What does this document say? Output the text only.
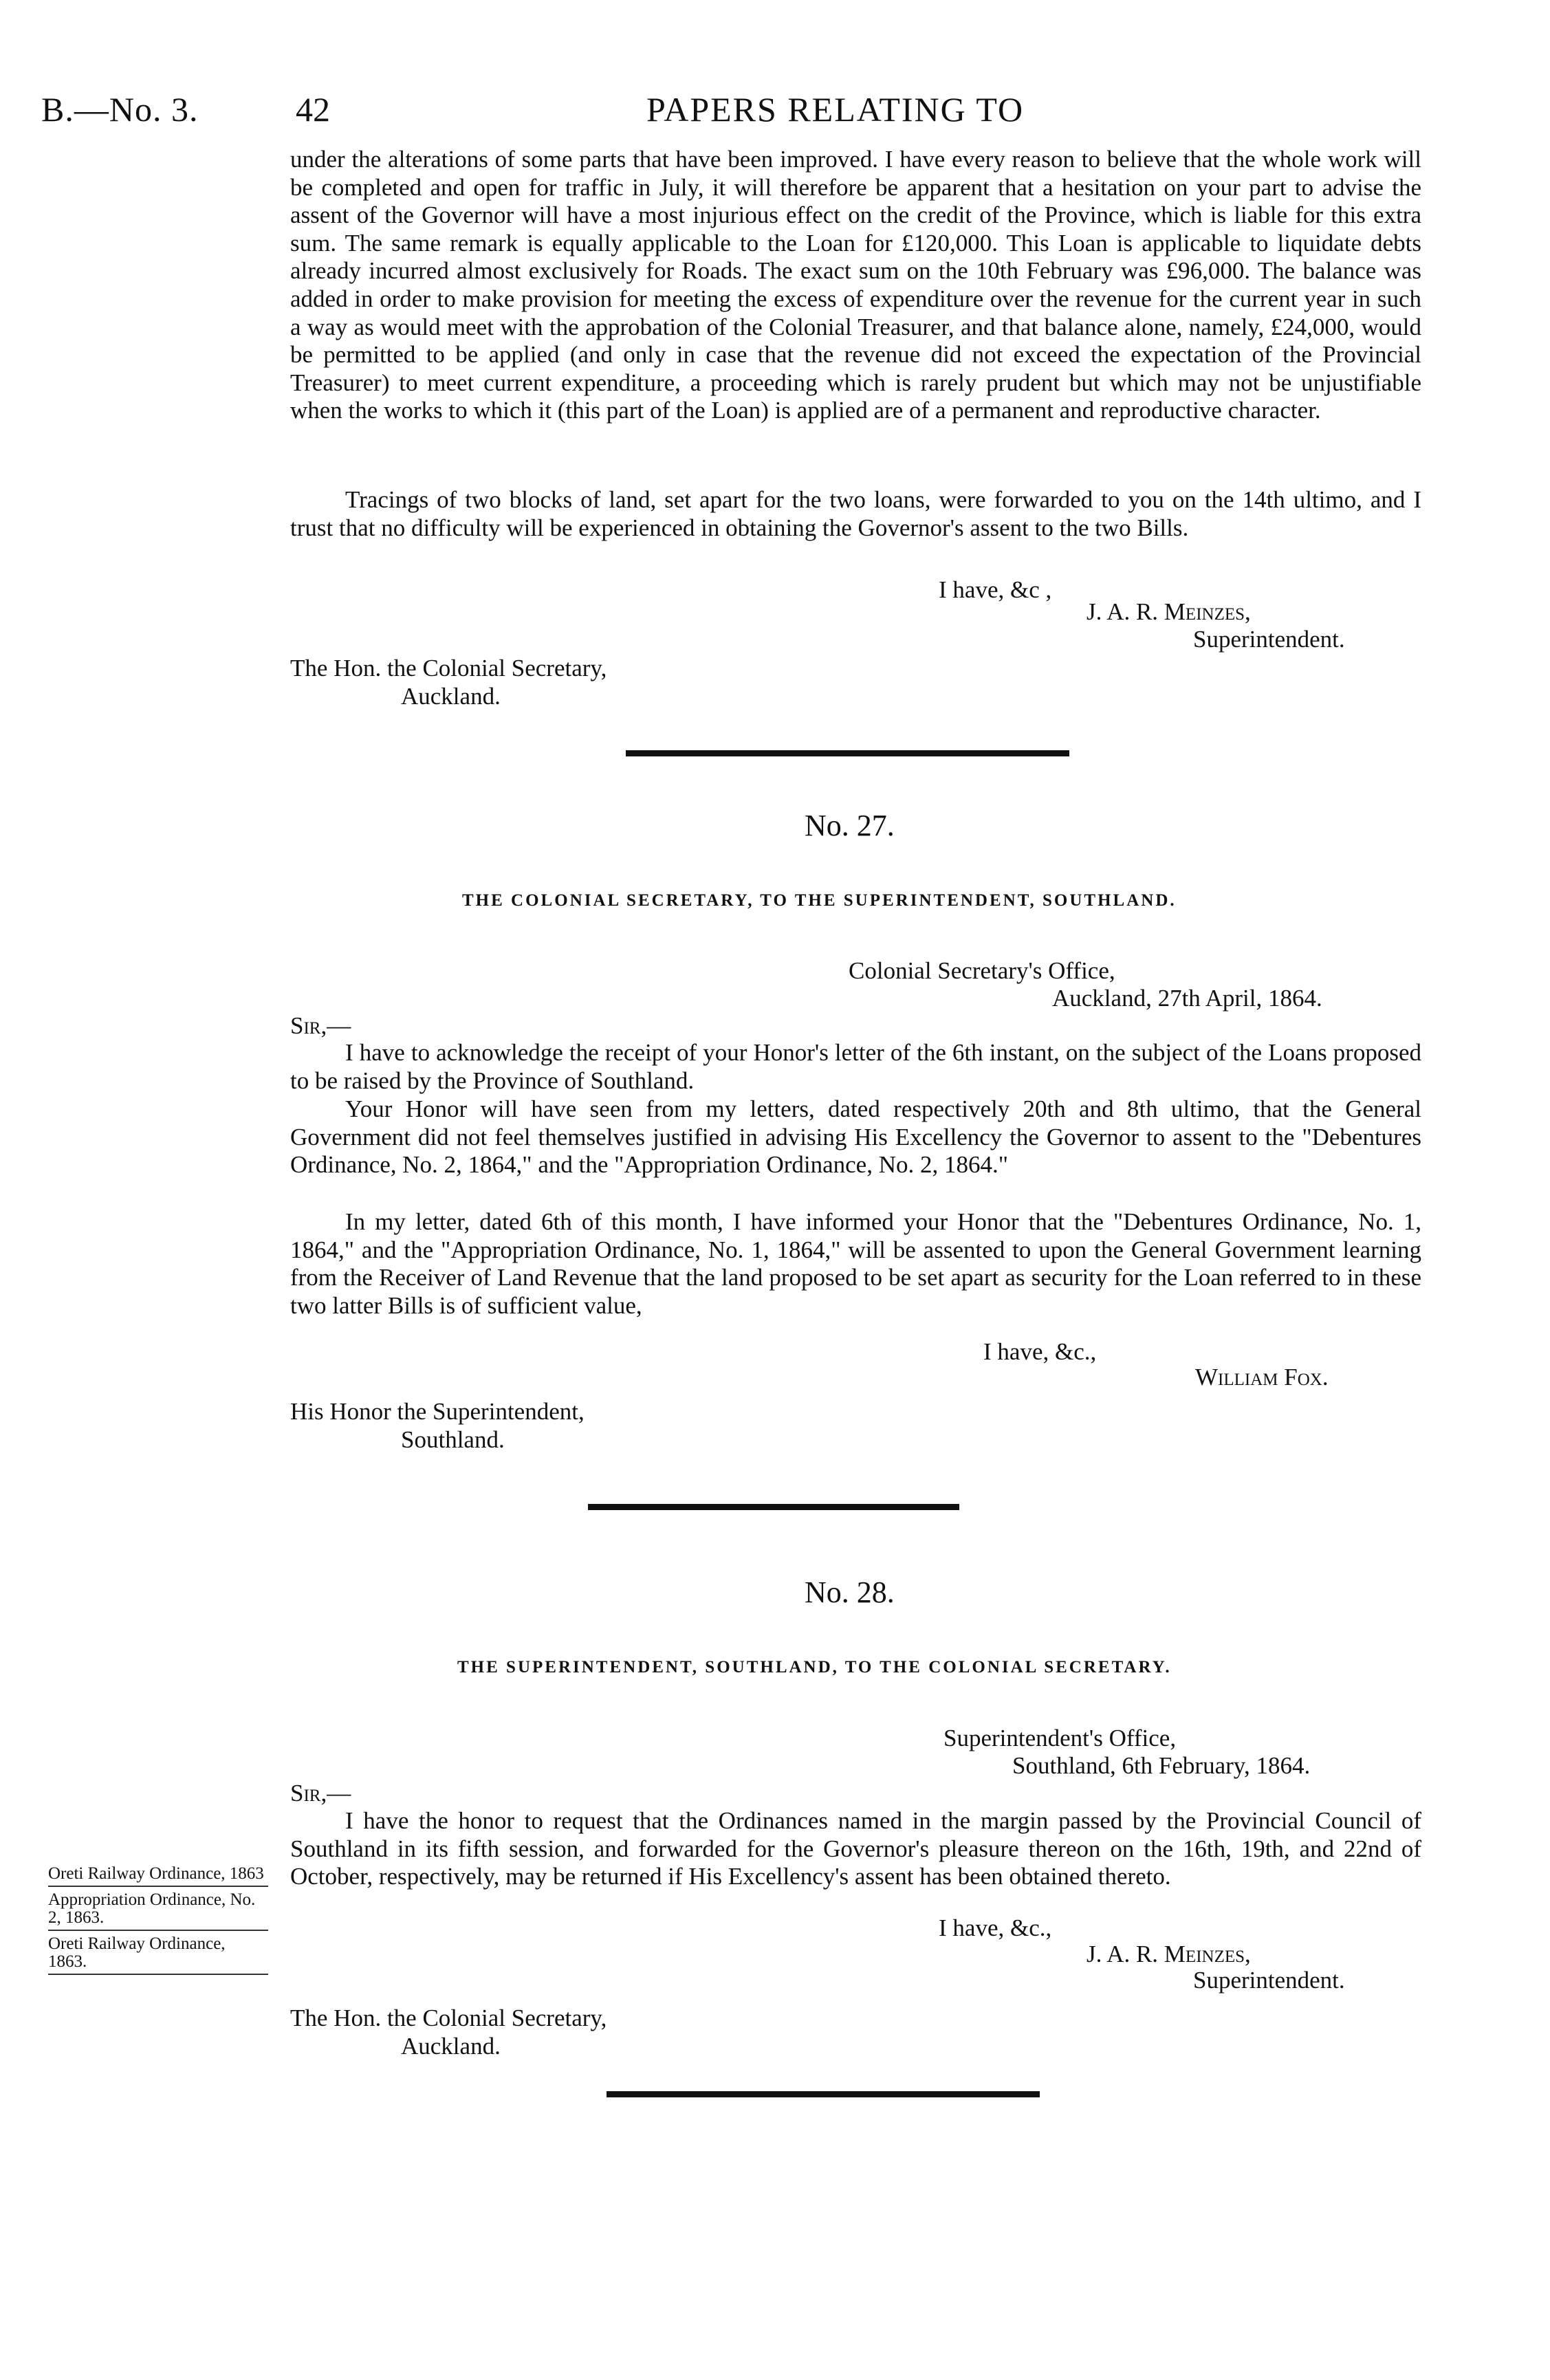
B.—No. 3.	42	PAPERS RELATING TO

under the alterations of some parts that have been improved. I have every reason to believe that the whole work will be completed and open for traffic in July, it will therefore be apparent that a hesitation on your part to advise the assent of the Governor will have a most injurious effect on the credit of the Province, which is liable for this extra sum. The same remark is equally applicable to the Loan for £120,000. This Loan is applicable to liquidate debts already incurred almost exclusively for Roads. The exact sum on the 10th February was £96,000. The balance was added in order to make provision for meeting the excess of expenditure over the revenue for the current year in such a way as would meet with the approbation of the Colonial Treasurer, and that balance alone, namely, £24,000, would be permitted to be applied (and only in case that the revenue did not exceed the expectation of the Provincial Treasurer) to meet current expenditure, a proceeding which is rarely prudent but which may not be unjustifiable when the works to which it (this part of the Loan) is applied are of a permanent and reproductive character.

Tracings of two blocks of land, set apart for the two loans, were forwarded to you on the 14th ultimo, and I trust that no difficulty will be experienced in obtaining the Governor's assent to the two Bills.

I have, &c ,
J. A. R. Meinzes,
Superintendent.
The Hon. the Colonial Secretary,
Auckland.
No. 27.
THE COLONIAL SECRETARY, TO THE SUPERINTENDENT, SOUTHLAND.
Colonial Secretary's Office,
Auckland, 27th April, 1864.
Sir,—

I have to acknowledge the receipt of your Honor's letter of the 6th instant, on the subject of the Loans proposed to be raised by the Province of Southland.

Your Honor will have seen from my letters, dated respectively 20th and 8th ultimo, that the General Government did not feel themselves justified in advising His Excellency the Governor to assent to the "Debentures Ordinance, No. 2, 1864," and the "Appropriation Ordinance, No. 2, 1864."

In my letter, dated 6th of this month, I have informed your Honor that the "Debentures Ordinance, No. 1, 1864," and the "Appropriation Ordinance, No. 1, 1864," will be assented to upon the General Government learning from the Receiver of Land Revenue that the land proposed to be set apart as security for the Loan referred to in these two latter Bills is of sufficient value,

I have, &c.,
William Fox.
His Honor the Superintendent,
Southland.
No. 28.
THE SUPERINTENDENT, SOUTHLAND, TO THE COLONIAL SECRETARY.
Superintendent's Office,
Southland, 6th February, 1864.
Sir,—

I have the honor to request that the Ordinances named in the margin passed by the Provincial Council of Southland in its fifth session, and forwarded for the Governor's pleasure thereon on the 16th, 19th, and 22nd of October, respectively, may be returned if His Excellency's assent has been obtained thereto.

I have, &c.,
J. A. R. Meinzes,
Superintendent.
The Hon. the Colonial Secretary,
Auckland.
Oreti Railway Ordinance, 1863
Appropriation Ordinance, No. 2, 1863.
Oreti Railway Ordinance, 1863.
